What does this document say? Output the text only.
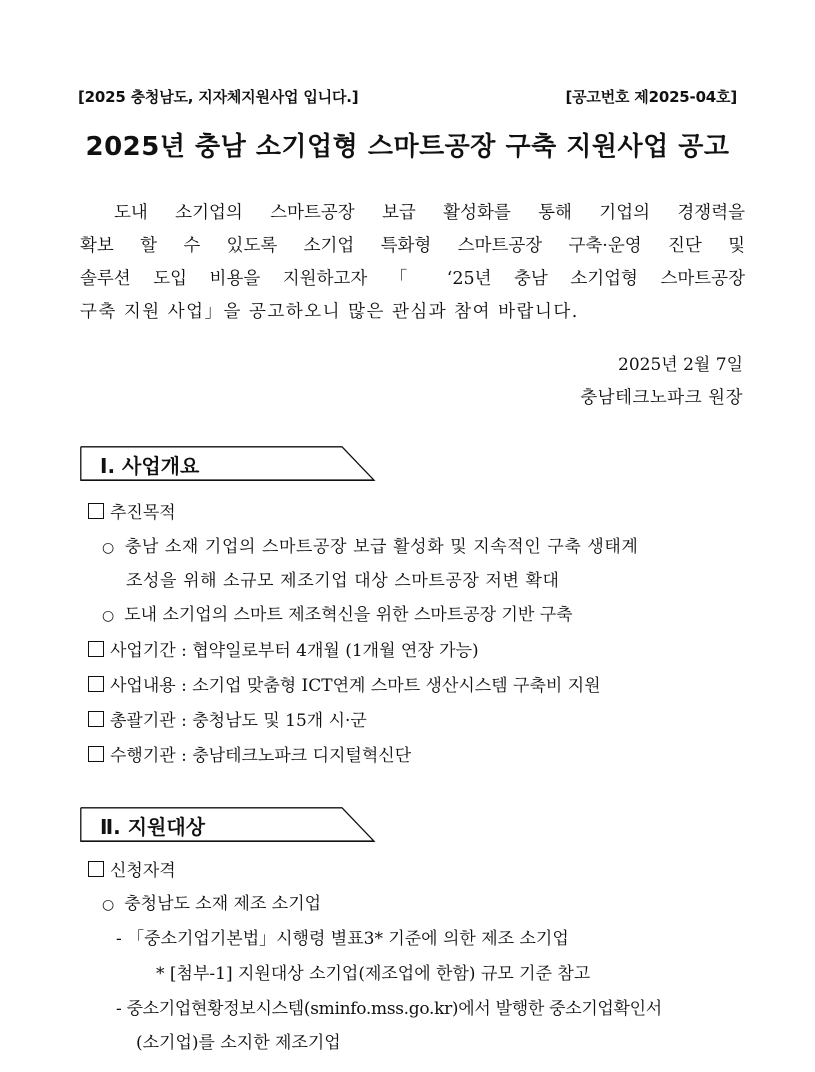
[2025 충청남도, 지자체지원사업 입니다.]	[공고번호 제2025-04호]
2025년 충남 소기업형 스마트공장 구축 지원사업 공고

도내 소기업의 스마트공장 보급 활성화를 통해 기업의 경쟁력을

확보 할 수 있도록 소기업 특화형 스마트공장 구축·운영 진단 및

솔루션 도입 비용을 지원하고자 「 ‘25년 충남 소기업형 스마트공장

구축 지원 사업」을 공고하오니 많은 관심과 참여 바랍니다.

2025년 2월 7일
충남테크노파크 원장
Ⅰ. 사업개요
추진목적
○ 충남 소재 기업의 스마트공장 보급 활성화 및 지속적인 구축 생태계
조성을 위해 소규모 제조기업 대상 스마트공장 저변 확대
○ 도내 소기업의 스마트 제조혁신을 위한 스마트공장 기반 구축
사업기간 : 협약일로부터 4개월 (1개월 연장 가능)
사업내용 : 소기업 맞춤형 ICT연계 스마트 생산시스템 구축비 지원
총괄기관 : 충청남도 및 15개 시·군
수행기관 : 충남테크노파크 디지털혁신단
Ⅱ. 지원대상
신청자격
○ 충청남도 소재 제조 소기업
- 「중소기업기본법」시행령 별표3* 기준에 의한 제조 소기업
* [첨부-1] 지원대상 소기업(제조업에 한함) 규모 기준 참고
- 중소기업현황정보시스템(sminfo.mss.go.kr)에서 발행한 중소기업확인서
(소기업)를 소지한 제조기업
